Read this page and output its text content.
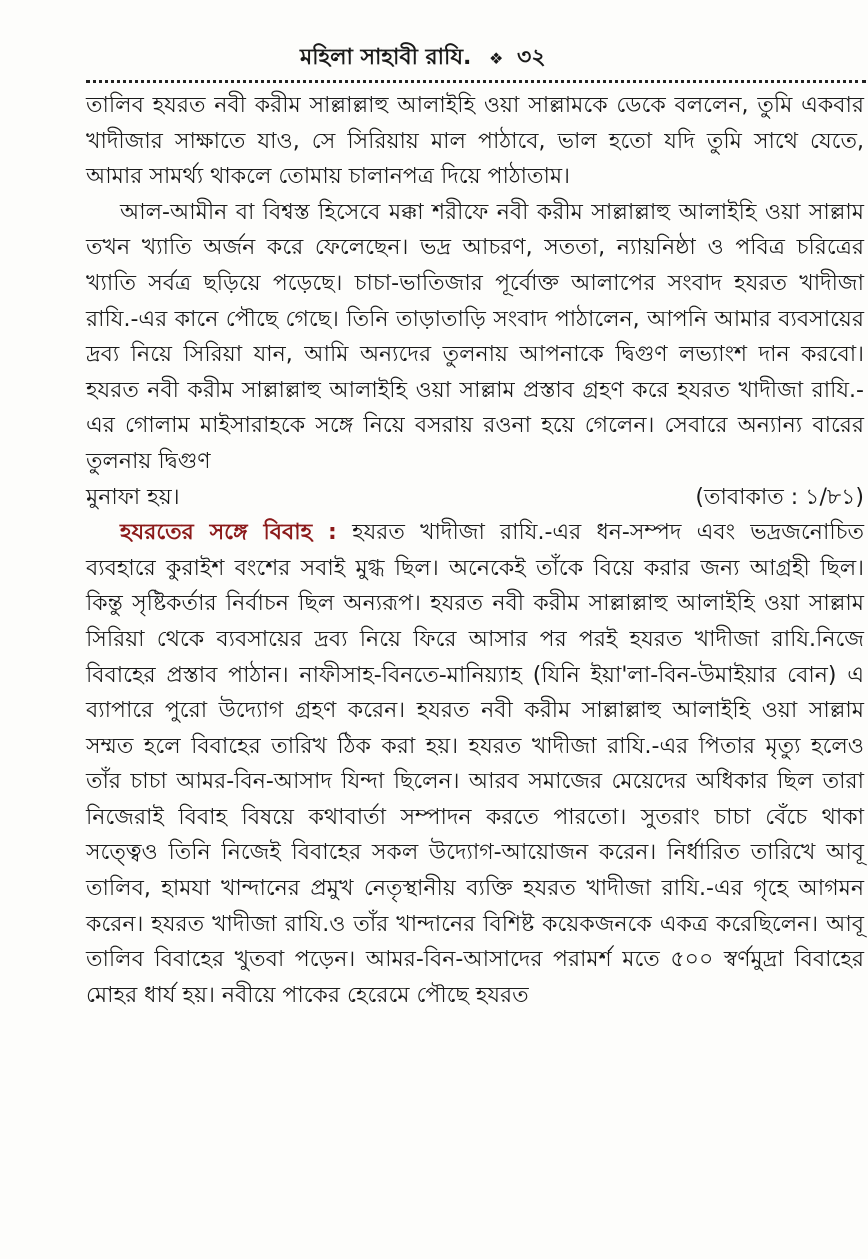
মহিলা সাহাবী রাযি. ❖ ৩২

তালিব হযরত নবী করীম সাল্লাল্লাহু আলাইহি ওয়া সাল্লামকে ডেকে বললেন, তুমি একবার খাদীজার সাক্ষাতে যাও, সে সিরিয়ায় মাল পাঠাবে, ভাল হতো যদি তুমি সাথে যেতে, আমার সামর্থ্য থাকলে তোমায় চালানপত্র দিয়ে পাঠাতাম।

আল-আমীন বা বিশ্বস্ত হিসেবে মক্কা শরীফে নবী করীম সাল্লাল্লাহু আলাইহি ওয়া সাল্লাম তখন খ্যাতি অর্জন করে ফেলেছেন। ভদ্র আচরণ, সততা, ন্যায়নিষ্ঠা ও পবিত্র চরিত্রের খ্যাতি সর্বত্র ছড়িয়ে পড়েছে। চাচা-ভাতিজার পূর্বোক্ত আলাপের সংবাদ হযরত খাদীজা রাযি.-এর কানে পৌছে গেছে। তিনি তাড়াতাড়ি সংবাদ পাঠালেন, আপনি আমার ব্যবসায়ের দ্রব্য নিয়ে সিরিয়া যান, আমি অন্যদের তুলনায় আপনাকে দ্বিগুণ লভ্যাংশ দান করবো। হযরত নবী করীম সাল্লাল্লাহু আলাইহি ওয়া সাল্লাম প্রস্তাব গ্রহণ করে হযরত খাদীজা রাযি.-এর গোলাম মাইসারাহকে সঙ্গে নিয়ে বসরায় রওনা হয়ে গেলেন। সেবারে অন্যান্য বারের তুলনায় দ্বিগুণ

মুনাফা হয়।	(তাবাকাত : ১/৮১)

হযরতের সঙ্গে বিবাহ : হযরত খাদীজা রাযি.-এর ধন-সম্পদ এবং ভদ্রজনোচিত ব্যবহারে কুরাইশ বংশের সবাই মুগ্ধ ছিল। অনেকেই তাঁকে বিয়ে করার জন্য আগ্রহী ছিল। কিন্তু সৃষ্টিকর্তার নির্বাচন ছিল অন্যরূপ। হযরত নবী করীম সাল্লাল্লাহু আলাইহি ওয়া সাল্লাম সিরিয়া থেকে ব্যবসায়ের দ্রব্য নিয়ে ফিরে আসার পর পরই হযরত খাদীজা রাযি.নিজে বিবাহের প্রস্তাব পাঠান। নাফীসাহ-বিনতে-মানিয়্যাহ (যিনি ইয়া'লা-বিন-উমাইয়ার বোন) এ ব্যাপারে পুরো উদ্যোগ গ্রহণ করেন। হযরত নবী করীম সাল্লাল্লাহু আলাইহি ওয়া সাল্লাম সম্মত হলে বিবাহের তারিখ ঠিক করা হয়। হযরত খাদীজা রাযি.-এর পিতার মৃত্যু হলেও তাঁর চাচা আমর-বিন-আসাদ যিন্দা ছিলেন। আরব সমাজের মেয়েদের অধিকার ছিল তারা নিজেরাই বিবাহ বিষয়ে কথাবার্তা সম্পাদন করতে পারতো। সুতরাং চাচা বেঁচে থাকা সত্ত্বেও তিনি নিজেই বিবাহের সকল উদ্যোগ-আয়োজন করেন। নির্ধারিত তারিখে আবূ তালিব, হামযা খান্দানের প্রমুখ নেতৃস্থানীয় ব্যক্তি হযরত খাদীজা রাযি.-এর গৃহে আগমন করেন। হযরত খাদীজা রাযি.ও তাঁর খান্দানের বিশিষ্ট কয়েকজনকে একত্র করেছিলেন। আবূ তালিব বিবাহের খুতবা পড়েন। আমর-বিন-আসাদের পরামর্শ মতে ৫০০ স্বর্ণমুদ্রা বিবাহের মোহর ধার্য হয়। নবীয়ে পাকের হেরেমে পৌছে হযরত
